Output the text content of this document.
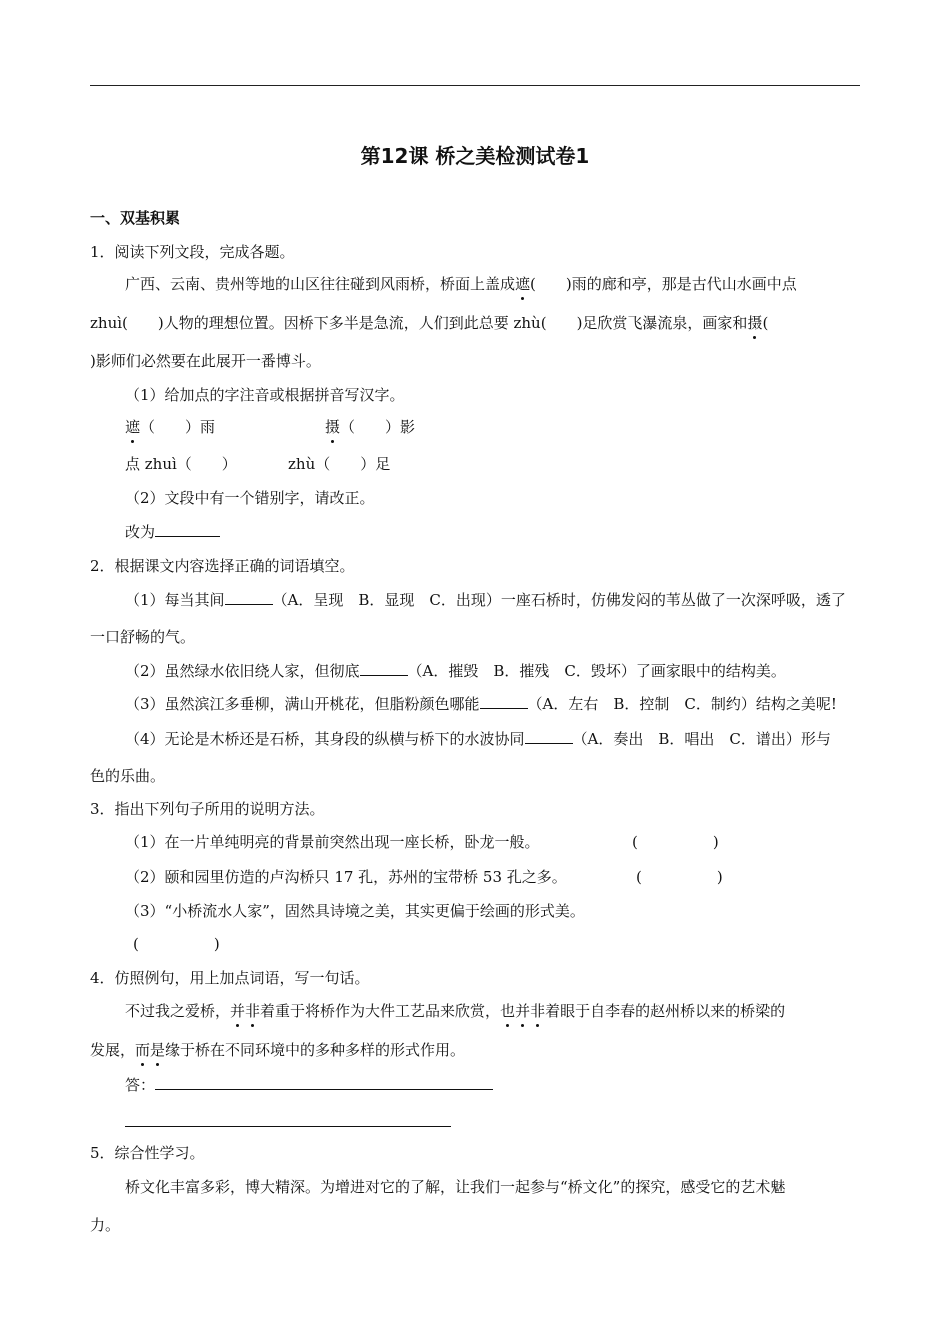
第12课 桥之美检测试卷1
一、双基积累
1．阅读下列文段，完成各题。
广西、云南、贵州等地的山区往往碰到风雨桥，桥面上盖成遮(　　)雨的廊和亭，那是古代山水画中点
zhuì(　　)人物的理想位置。因桥下多半是急流，人们到此总要 zhù(　　)足欣赏飞瀑流泉，画家和摄(
)影师们必然要在此展开一番博斗。
（1）给加点的字注音或根据拼音写汉字。
遮（　　）雨	摄（　　）影
点 zhuì（　　）	zhù（　　）足
（2）文段中有一个错别字，请改正。
改为
2．根据课文内容选择正确的词语填空。
（1）每当其间	（A．呈现　B．显现　C．出现）一座石桥时，仿佛发闷的苇丛做了一次深呼吸，透了
一口舒畅的气。
（2）虽然绿水依旧绕人家，但彻底	（A．摧毁　B．摧残　C．毁坏）了画家眼中的结构美。
（3）虽然滨江多垂柳，满山开桃花，但脂粉颜色哪能	（A．左右　B．控制　C．制约）结构之美呢!
（4）无论是木桥还是石桥，其身段的纵横与桥下的水波协同	（A．奏出　B．唱出　C．谱出）形与
色的乐曲。
3．指出下列句子所用的说明方法。
（1）在一片单纯明亮的背景前突然出现一座长桥，卧龙一般。	(　　　　　)
（2）颐和园里仿造的卢沟桥只 17 孔，苏州的宝带桥 53 孔之多。	(　　　　　)
（3）“小桥流水人家”，固然具诗境之美，其实更偏于绘画的形式美。
(　　　　　)
4．仿照例句，用上加点词语，写一句话。
不过我之爱桥，并非着重于将桥作为大件工艺品来欣赏，也并非着眼于自李春的赵州桥以来的桥梁的
发展，而是缘于桥在不同环境中的多种多样的形式作用。
答：
5．综合性学习。
桥文化丰富多彩，博大精深。为增进对它的了解，让我们一起参与“桥文化”的探究，感受它的艺术魅
力。
